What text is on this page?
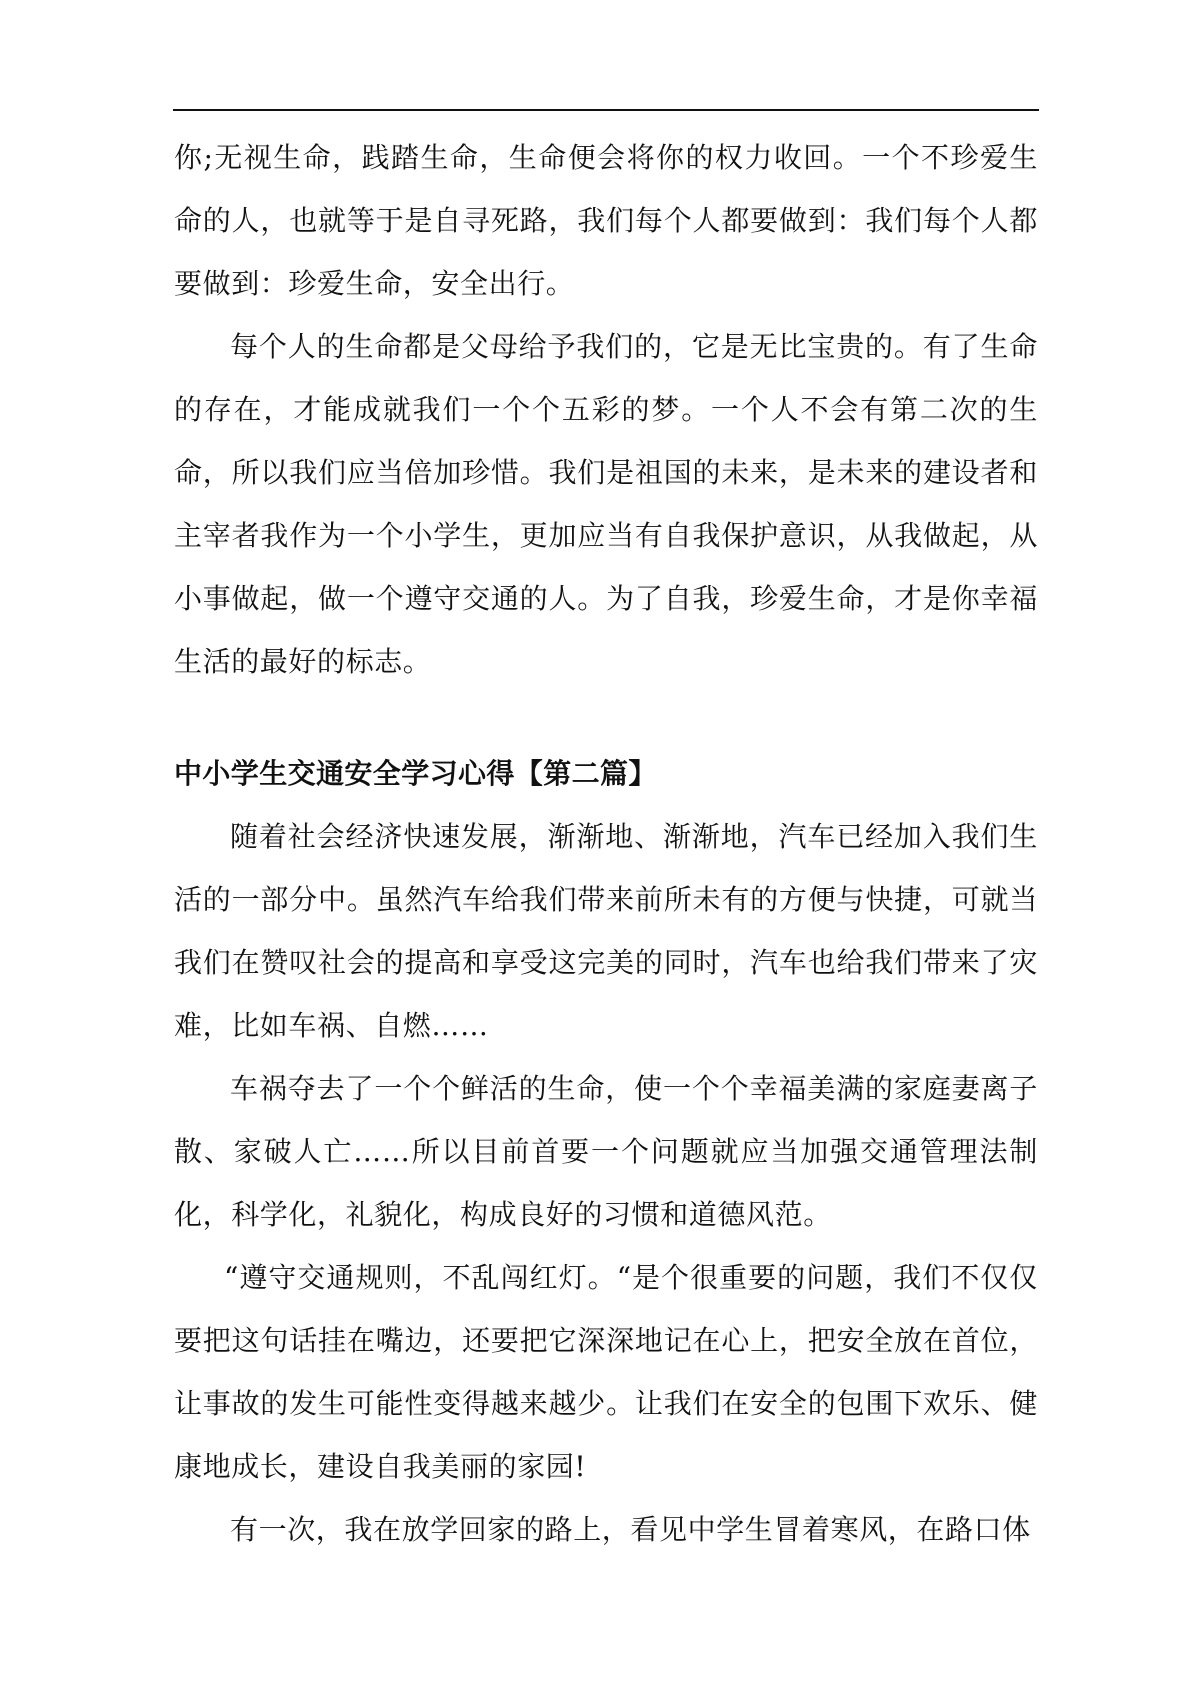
你;无视生命，践踏生命，生命便会将你的权力收回。一个不珍爱生命的人，也就等于是自寻死路，我们每个人都要做到：我们每个人都要做到：珍爱生命，安全出行。

每个人的生命都是父母给予我们的，它是无比宝贵的。有了生命的存在，才能成就我们一个个五彩的梦。一个人不会有第二次的生命，所以我们应当倍加珍惜。我们是祖国的未来，是未来的建设者和主宰者我作为一个小学生，更加应当有自我保护意识，从我做起，从小事做起，做一个遵守交通的人。为了自我，珍爱生命，才是你幸福生活的最好的标志。

中小学生交通安全学习心得【第二篇】

随着社会经济快速发展，渐渐地、渐渐地，汽车已经加入我们生活的一部分中。虽然汽车给我们带来前所未有的方便与快捷，可就当我们在赞叹社会的提高和享受这完美的同时，汽车也给我们带来了灾难，比如车祸、自燃……

车祸夺去了一个个鲜活的生命，使一个个幸福美满的家庭妻离子散、家破人亡……所以目前首要一个问题就应当加强交通管理法制化，科学化，礼貌化，构成良好的习惯和道德风范。

“遵守交通规则，不乱闯红灯。“是个很重要的问题，我们不仅仅要把这句话挂在嘴边，还要把它深深地记在心上，把安全放在首位，让事故的发生可能性变得越来越少。让我们在安全的包围下欢乐、健康地成长，建设自我美丽的家园!

有一次，我在放学回家的路上，看见中学生冒着寒风，在路口体
